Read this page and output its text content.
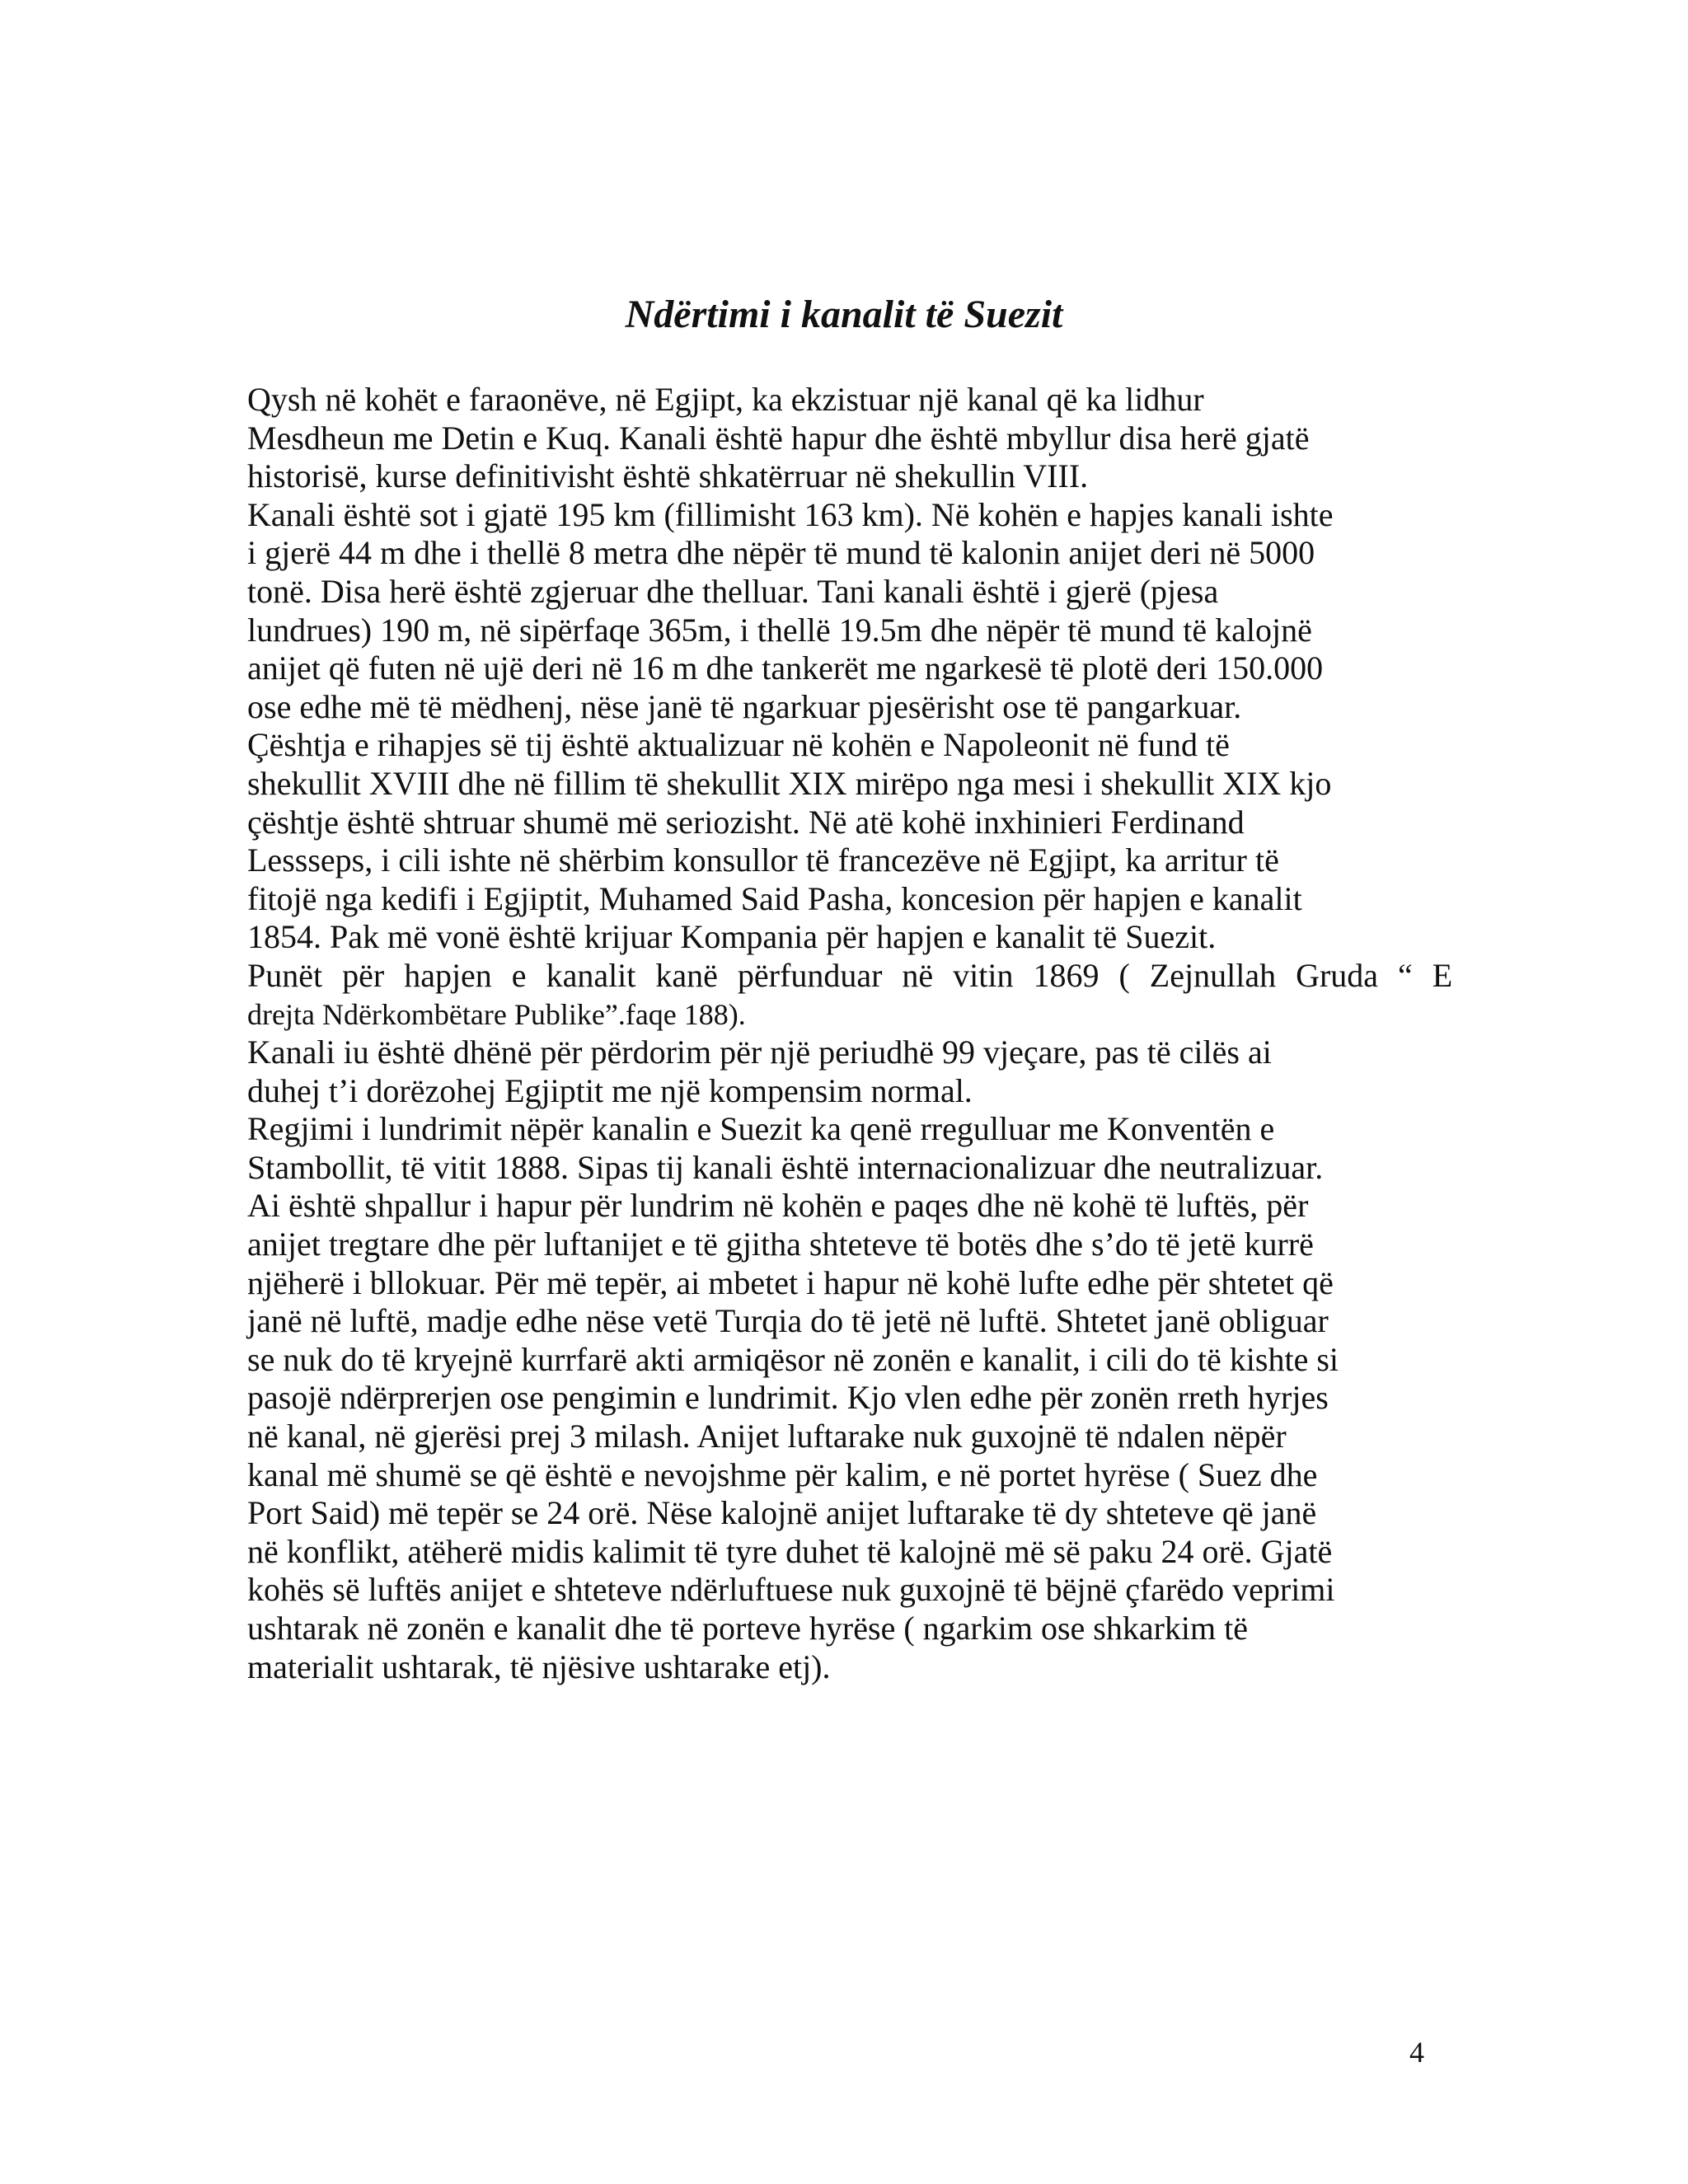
Ndërtimi i kanalit të Suezit
Qysh në kohët e faraonëve, në Egjipt, ka ekzistuar një kanal që ka lidhur
Mesdheun me Detin e Kuq. Kanali është hapur dhe është mbyllur disa herë gjatë
historisë, kurse definitivisht është shkatërruar në shekullin VIII.
Kanali është sot i gjatë 195 km (fillimisht 163 km). Në kohën e hapjes kanali ishte
i gjerë 44 m dhe i thellë 8 metra dhe nëpër të mund të kalonin anijet deri në 5000
tonë. Disa herë është zgjeruar dhe thelluar. Tani kanali është i gjerë (pjesa
lundrues) 190 m, në sipërfaqe 365m, i thellë 19.5m dhe nëpër të mund të kalojnë
anijet që futen në ujë deri në 16 m dhe tankerët me ngarkesë të plotë deri 150.000
ose edhe më të mëdhenj, nëse janë të ngarkuar pjesërisht ose të pangarkuar.
Çështja e rihapjes së tij është aktualizuar në kohën e Napoleonit në fund të
shekullit XVIII dhe në fillim të shekullit XIX mirëpo nga mesi i shekullit XIX kjo
çështje është shtruar shumë më seriozisht. Në atë kohë inxhinieri Ferdinand
Lessseps, i cili ishte në shërbim konsullor të francezëve në Egjipt, ka arritur të
fitojë nga kedifi i Egjiptit, Muhamed Said Pasha, koncesion për hapjen e kanalit
1854. Pak më vonë është krijuar Kompania për hapjen e kanalit të Suezit.
Punët për hapjen e kanalit kanë përfunduar në vitin 1869 ( Zejnullah Gruda “ E
drejta Ndërkombëtare Publike”.faqe 188).
Kanali iu është dhënë për përdorim për një periudhë 99 vjeçare, pas të cilës ai
duhej t’i dorëzohej Egjiptit me një kompensim normal.
Regjimi i lundrimit nëpër kanalin e Suezit ka qenë rregulluar me Konventën e
Stambollit, të vitit 1888. Sipas tij kanali është internacionalizuar dhe neutralizuar.
Ai është shpallur i hapur për lundrim në kohën e paqes dhe në kohë të luftës, për
anijet tregtare dhe për luftanijet e të gjitha shteteve të botës dhe s’do të jetë kurrë
njëherë i bllokuar. Për më tepër, ai mbetet i hapur në kohë lufte edhe për shtetet që
janë në luftë, madje edhe nëse vetë Turqia do të jetë në luftë. Shtetet janë obliguar
se nuk do të kryejnë kurrfarë akti armiqësor në zonën e kanalit, i cili do të kishte si
pasojë ndërprerjen ose pengimin e lundrimit. Kjo vlen edhe për zonën rreth hyrjes
në kanal, në gjerësi prej 3 milash. Anijet luftarake nuk guxojnë të ndalen nëpër
kanal më shumë se që është e nevojshme për kalim, e në portet hyrëse ( Suez dhe
Port Said) më tepër se 24 orë. Nëse kalojnë anijet luftarake të dy shteteve që janë
në konflikt, atëherë midis kalimit të tyre duhet të kalojnë më së paku 24 orë. Gjatë
kohës së luftës anijet e shteteve ndërluftuese nuk guxojnë të bëjnë çfarëdo veprimi
ushtarak në zonën e kanalit dhe të porteve hyrëse ( ngarkim ose shkarkim të
materialit ushtarak, të njësive ushtarake etj).
4
